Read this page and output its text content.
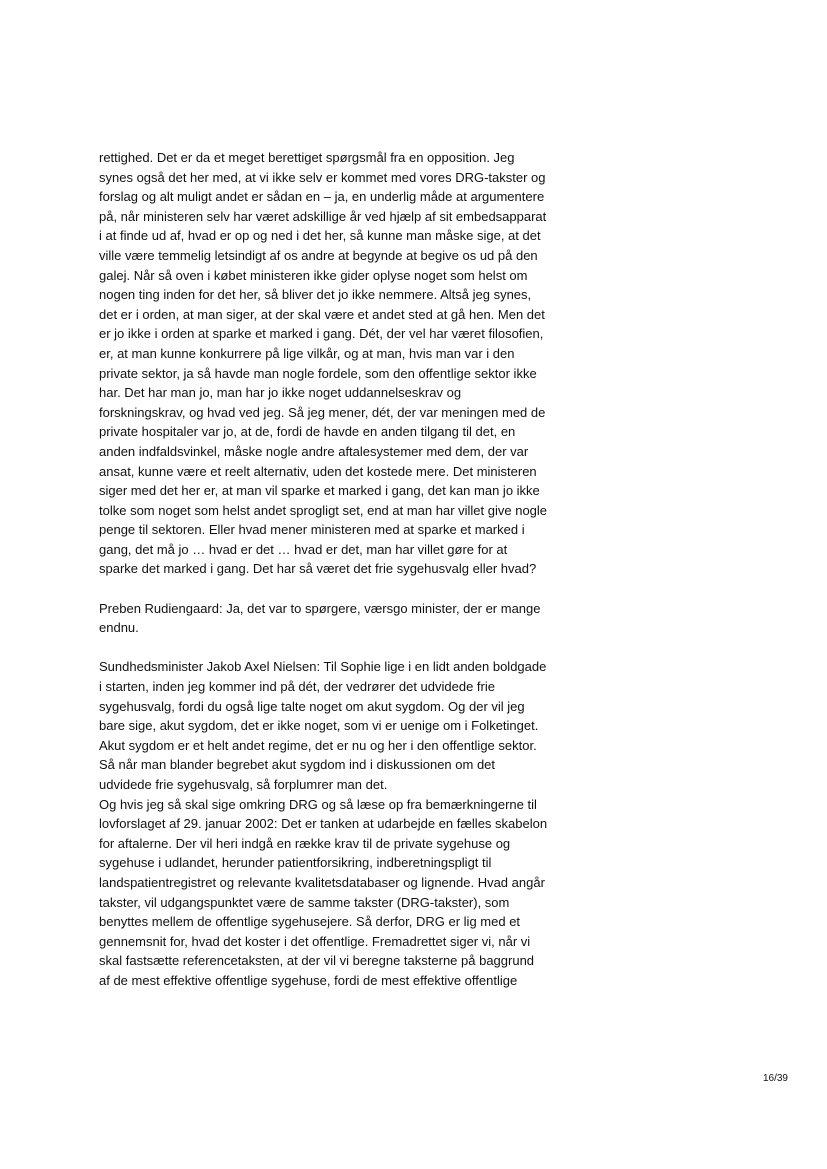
rettighed. Det er da et meget berettiget spørgsmål fra en opposition. Jeg
synes også det her med, at vi ikke selv er kommet med vores DRG-takster og
forslag og alt muligt andet er sådan en – ja, en underlig måde at argumentere
på, når ministeren selv har været adskillige år ved hjælp af sit embedsapparat
i at finde ud af, hvad er op og ned i det her, så kunne man måske sige, at det
ville være temmelig letsindigt af os andre at begynde at begive os ud på den
galej. Når så oven i købet ministeren ikke gider oplyse noget som helst om
nogen ting inden for det her, så bliver det jo ikke nemmere. Altså jeg synes,
det er i orden, at man siger, at der skal være et andet sted at gå hen. Men det
er jo ikke i orden at sparke et marked i gang. Dét, der vel har været filosofien,
er, at man kunne konkurrere på lige vilkår, og at man, hvis man var i den
private sektor, ja så havde man nogle fordele, som den offentlige sektor ikke
har. Det har man jo, man har jo ikke noget uddannelseskrav og
forskningskrav, og hvad ved jeg. Så jeg mener, dét, der var meningen med de
private hospitaler var jo, at de, fordi de havde en anden tilgang til det, en
anden indfaldsvinkel, måske nogle andre aftalesystemer med dem, der var
ansat, kunne være et reelt alternativ, uden det kostede mere. Det ministeren
siger med det her er, at man vil sparke et marked i gang, det kan man jo ikke
tolke som noget som helst andet sprogligt set, end at man har villet give nogle
penge til sektoren. Eller hvad mener ministeren med at sparke et marked i
gang, det må jo … hvad er det … hvad er det, man har villet gøre for at
sparke det marked i gang. Det har så været det frie sygehusvalg eller hvad?
Preben Rudiengaard: Ja, det var to spørgere, værsgo minister, der er mange
endnu.
Sundhedsminister Jakob Axel Nielsen: Til Sophie lige i en lidt anden boldgade
i starten, inden jeg kommer ind på dét, der vedrører det udvidede frie
sygehusvalg, fordi du også lige talte noget om akut sygdom. Og der vil jeg
bare sige, akut sygdom, det er ikke noget, som vi er uenige om i Folketinget.
Akut sygdom er et helt andet regime, det er nu og her i den offentlige sektor.
Så når man blander begrebet akut sygdom ind i diskussionen om det
udvidede frie sygehusvalg, så forplumrer man det.
Og hvis jeg så skal sige omkring DRG og så læse op fra bemærkningerne til
lovforslaget af 29. januar 2002: Det er tanken at udarbejde en fælles skabelon
for aftalerne. Der vil heri indgå en række krav til de private sygehuse og
sygehuse i udlandet, herunder patientforsikring, indberetningspligt til
landspatientregistret og relevante kvalitetsdatabaser og lignende. Hvad angår
takster, vil udgangspunktet være de samme takster (DRG-takster), som
benyttes mellem de offentlige sygehusejere. Så derfor, DRG er lig med et
gennemsnit for, hvad det koster i det offentlige. Fremadrettet siger vi, når vi
skal fastsætte referencetaksten, at der vil vi beregne taksterne på baggrund
af de mest effektive offentlige sygehuse, fordi de mest effektive offentlige
16/39
